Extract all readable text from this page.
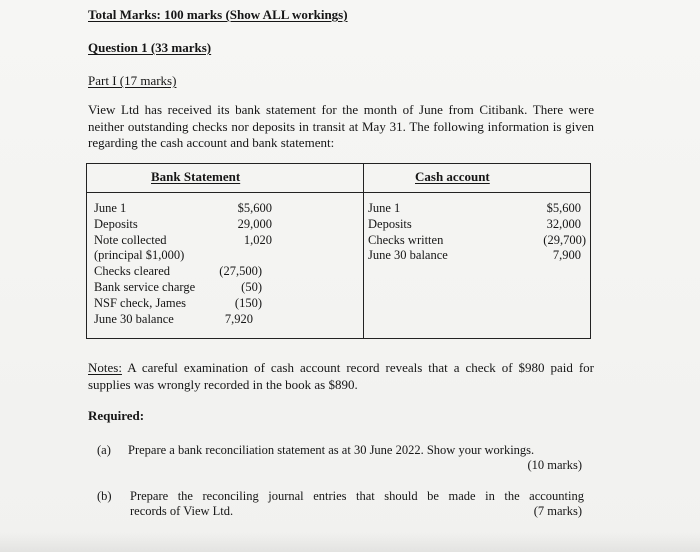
Total Marks: 100 marks (Show ALL workings)
Question 1 (33 marks)
Part I (17 marks)
View Ltd has received its bank statement for the month of June from Citibank. There were neither outstanding checks nor deposits in transit at May 31. The following information is given regarding the cash account and bank statement:
Bank Statement
June 1	$5,600
Deposits	29,000
Note collected	1,020
(principal $1,000)
Checks cleared	(27,500)
Bank service charge	(50)
NSF check, James	(150)
June 30 balance	7,920
Cash account
June 1	$5,600
Deposits	32,000
Checks written	(29,700)
June 30 balance	7,900
Notes: A careful examination of cash account record reveals that a check of $980 paid for supplies was wrongly recorded in the book as $890.
Required:
(a) Prepare a bank reconciliation statement as at 30 June 2022. Show your workings.
(10 marks)
(b) Prepare the reconciling journal entries that should be made in the accounting
records of View Ltd.	(7 marks)
